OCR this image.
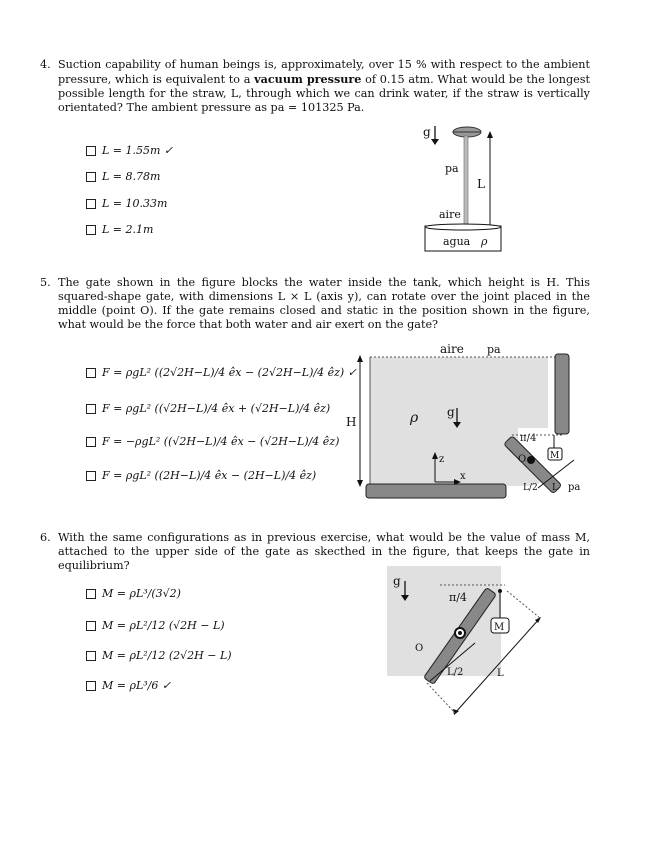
4. Suction capability of human beings is, approximately, over 15 % with respect to the ambient pressure, which is equivalent to a vacuum pressure of 0.15 atm. What would be the longest possible length for the straw, L, through which we can drink water, if the straw is vertically orientated? The ambient pressure as pa = 101325 Pa.
L = 1.55m ✓
L = 8.78m
L = 10.33m
L = 2.1m
g
pa
L
aire
agua ρ
5. The gate shown in the figure blocks the water inside the tank, which height is H. This squared-shape gate, with dimensions L × L (axis y), can rotate over the joint placed in the middle (point O). If the gate remains closed and static in the position shown in the figure, what would be the force that both water and air exert on the gate?
F = ρgL² ((2√2H−L)/4 êx − (2√2H−L)/4 êz) ✓
F = ρgL² ((√2H−L)/4 êx + (√2H−L)/4 êz)
F = −ρgL² ((√2H−L)/4 êx − (√2H−L)/4 êz)
F = ρgL² ((2H−L)/4 êx − (2H−L)/4 êz)
aire pa
H	ρ g
z
x
O
π/4
M
L/2 L pa
6. With the same configurations as in previous exercise, what would be the value of mass M, attached to the upper side of the gate as skecthed in the figure, that keeps the gate in equilibrium?
M = ρL³/(3√2)
M = ρL²/12 (√2H − L)
M = ρL²/12 (2√2H − L)
M = ρL³/6 ✓
g
π/4
O
M
L/2	L
